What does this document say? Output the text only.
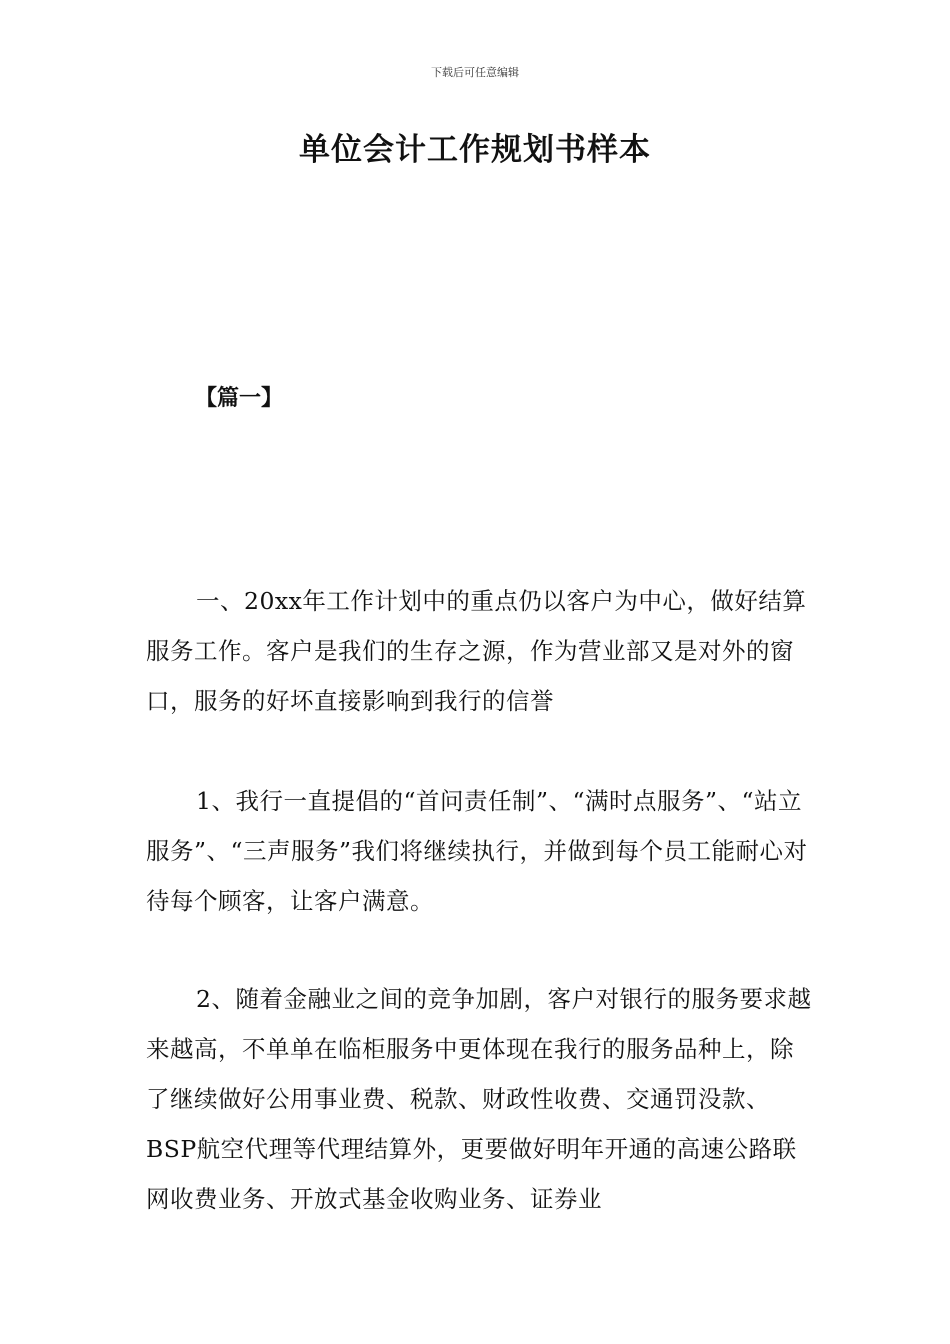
下载后可任意编辑
单位会计工作规划书样本
【篇一】

一、20xx年工作计划中的重点仍以客户为中心，做好结算服务工作。客户是我们的生存之源，作为营业部又是对外的窗口，服务的好坏直接影响到我行的信誉

1、我行一直提倡的“首问责任制”、“满时点服务”、“站立服务”、“三声服务”我们将继续执行，并做到每个员工能耐心对待每个顾客，让客户满意。

2、随着金融业之间的竞争加剧，客户对银行的服务要求越来越高，不单单在临柜服务中更体现在我行的服务品种上，除了继续做好公用事业费、税款、财政性收费、交通罚没款、BSP航空代理等代理结算外，更要做好明年开通的高速公路联网收费业务、开放式基金收购业务、证券业
